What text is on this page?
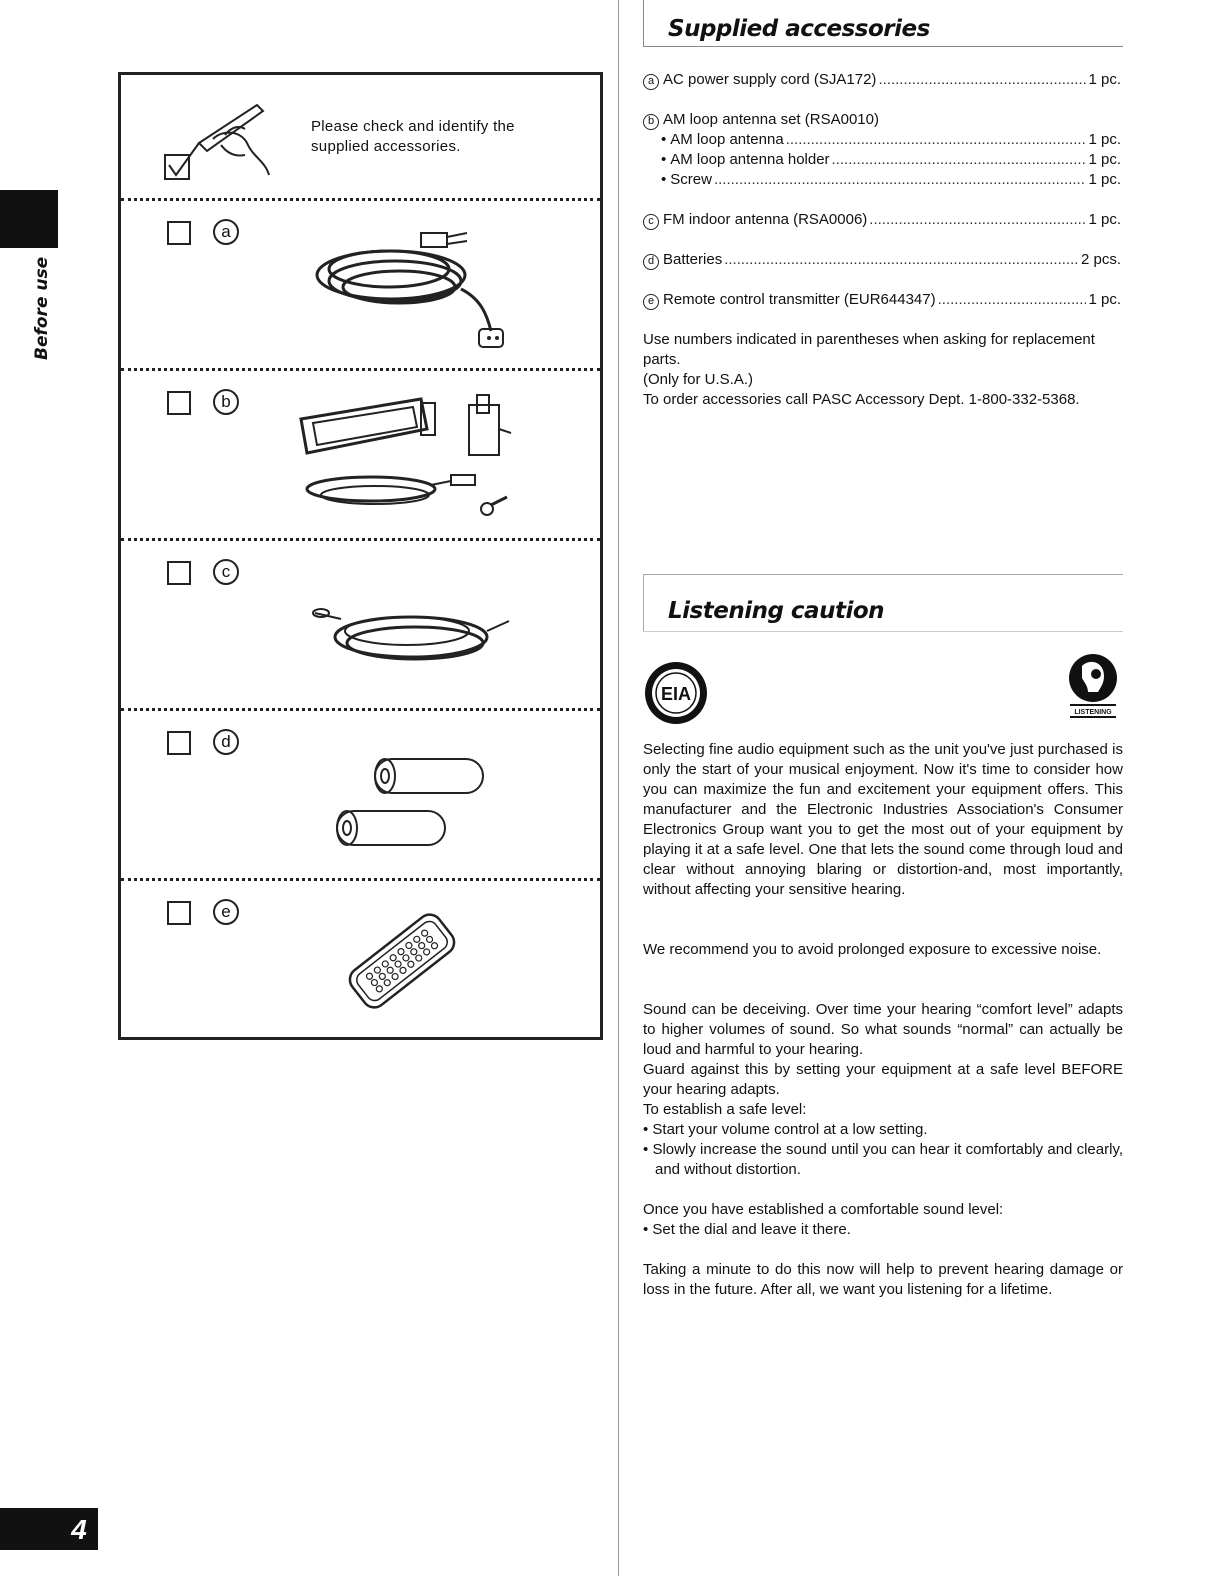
Before use
4
Please check and identify the supplied accessories.
a
b
c
d
e
Supplied accessories
a AC power supply cord (SJA172) .....	1 pc.
b AM loop antenna set (RSA0010)
• AM loop antenna .....	1 pc.
• AM loop antenna holder .....	1 pc.
• Screw .....	1 pc.
c FM indoor antenna (RSA0006) .....	1 pc.
d Batteries .....	2 pcs.
e Remote control transmitter (EUR644347) .....	1 pc.

Use numbers indicated in parentheses when asking for replacement parts.

(Only for U.S.A.)

To order accessories call PASC Accessory Dept. 1-800-332-5368.

Listening caution
EIA
LISTENING

Selecting fine audio equipment such as the unit you've just purchased is only the start of your musical enjoyment. Now it's time to consider how you can maximize the fun and excitement your equipment offers. This manufacturer and the Electronic Industries Association's Consumer Electronics Group want you to get the most out of your equipment by playing it at a safe level. One that lets the sound come through loud and clear without annoying blaring or distortion-and, most importantly, without affecting your sensitive hearing.

We recommend you to avoid prolonged exposure to excessive noise.

Sound can be deceiving. Over time your hearing “comfort level” adapts to higher volumes of sound. So what sounds “normal” can actually be loud and harmful to your hearing.

Guard against this by setting your equipment at a safe level BEFORE your hearing adapts.

To establish a safe level:

• Start your volume control at a low setting.

• Slowly increase the sound until you can hear it comfortably and clearly, and without distortion.

Once you have established a comfortable sound level:

• Set the dial and leave it there.

Taking a minute to do this now will help to prevent hearing damage or loss in the future. After all, we want you listening for a lifetime.
